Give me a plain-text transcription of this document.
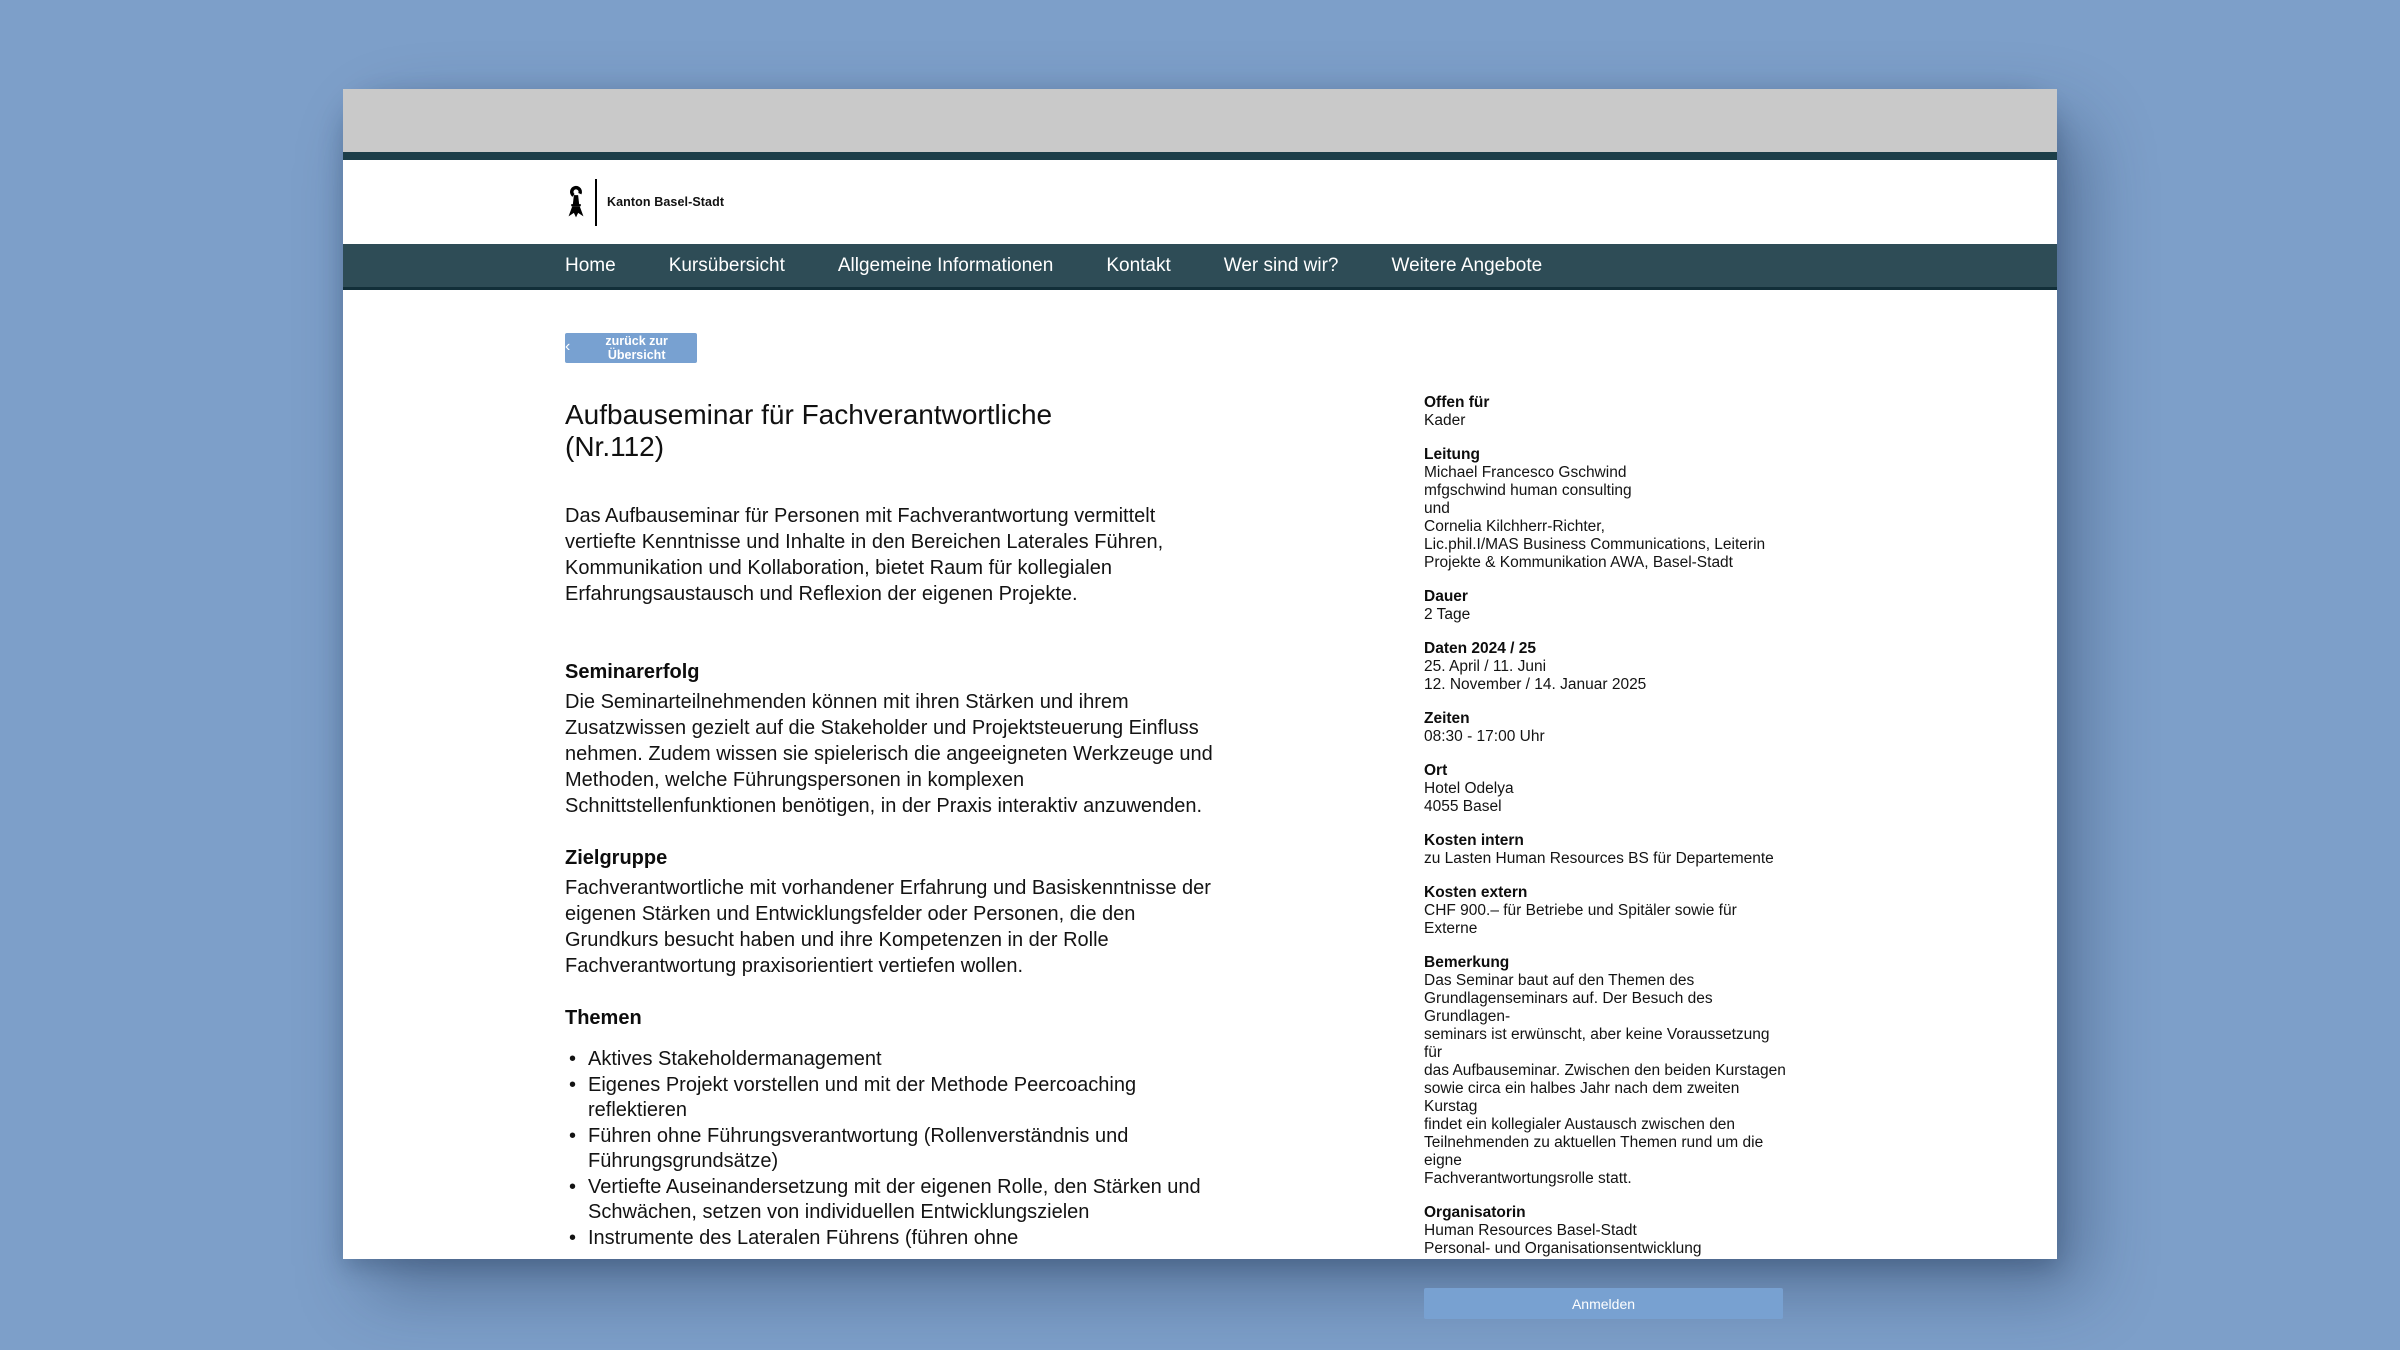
Kanton Basel-Stadt
Home	Kursübersicht	Allgemeine Informationen	Kontakt	Wer sind wir?	Weitere Angebote
‹	zurück zur Übersicht
Aufbauseminar für Fachverantwortliche
(Nr.112)

Das Aufbauseminar für Personen mit Fachverantwortung vermittelt vertiefte Kenntnisse und Inhalte in den Bereichen Laterales Führen, Kommunikation und Kollaboration, bietet Raum für kollegialen Erfahrungsaustausch und Reflexion der eigenen Projekte.

Seminarerfolg

Die Seminarteilnehmenden können mit ihren Stärken und ihrem Zusatzwissen gezielt auf die Stakeholder und Projektsteuerung Einfluss nehmen. Zudem wissen sie spielerisch die angeeigneten Werkzeuge und Methoden, welche Führungspersonen in komplexen Schnittstellenfunktionen benötigen, in der Praxis interaktiv anzuwenden.

Zielgruppe

Fachverantwortliche mit vorhandener Erfahrung und Basiskenntnisse der eigenen Stärken und Entwicklungsfelder oder Personen, die den Grundkurs besucht haben und ihre Kompetenzen in der Rolle Fachverantwortung praxisorientiert vertiefen wollen.

Themen
• Aktives Stakeholdermanagement
• Eigenes Projekt vorstellen und mit der Methode Peercoaching reflektieren
• Führen ohne Führungsverantwortung (Rollenverständnis und Führungsgrundsätze)
• Vertiefte Auseinandersetzung mit der eigenen Rolle, den Stärken und Schwächen, setzen von individuellen Entwicklungszielen
• Instrumente des Lateralen Führens (führen ohne
Offen für
Kader
Leitung
Michael Francesco Gschwind
mfgschwind human consulting
und
Cornelia Kilchherr-Richter,
Lic.phil.I/MAS Business Communications, Leiterin
Projekte & Kommunikation AWA, Basel-Stadt
Dauer
2 Tage
Daten 2024 / 25
25. April / 11. Juni
12. November / 14. Januar 2025
Zeiten
08:30 - 17:00 Uhr
Ort
Hotel Odelya
4055 Basel
Kosten intern
zu Lasten Human Resources BS für Departemente
Kosten extern
CHF 900.– für Betriebe und Spitäler sowie für Externe
Bemerkung
Das Seminar baut auf den Themen des
Grundlagenseminars auf. Der Besuch des Grundlagen-
seminars ist erwünscht, aber keine Voraussetzung für
das Aufbauseminar. Zwischen den beiden Kurstagen
sowie circa ein halbes Jahr nach dem zweiten Kurstag
findet ein kollegialer Austausch zwischen den
Teilnehmenden zu aktuellen Themen rund um die eigne
Fachverantwortungsrolle statt.
Organisatorin
Human Resources Basel-Stadt
Personal- und Organisationsentwicklung
Anmelden
